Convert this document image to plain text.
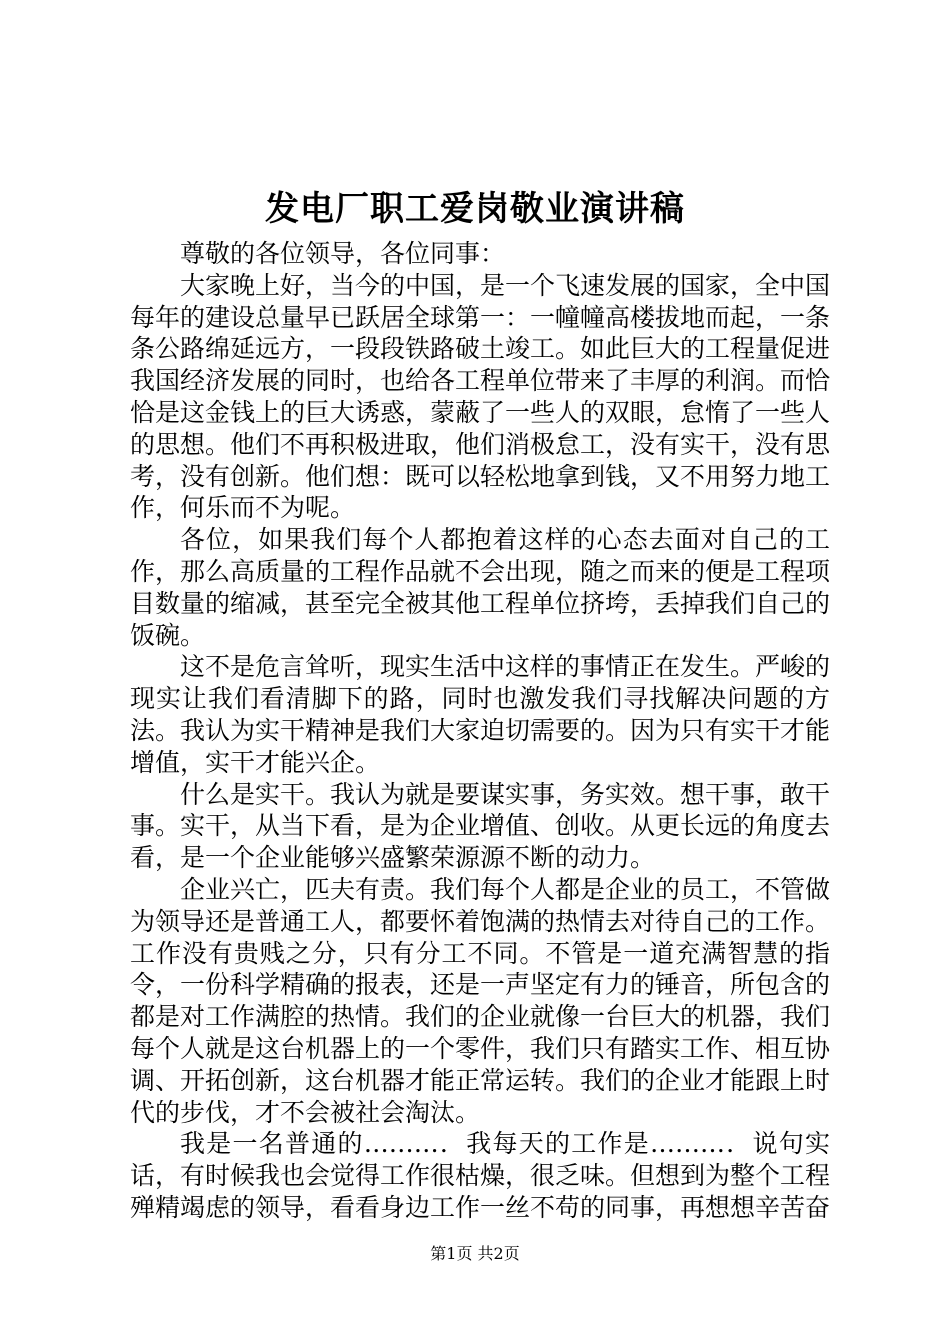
发电厂职工爱岗敬业演讲稿

尊敬的各位领导，各位同事：

大家晚上好，当今的中国，是一个飞速发展的国家，全中国每年的建设总量早已跃居全球第一：一幢幢高楼拔地而起，一条条公路绵延远方，一段段铁路破土竣工。如此巨大的工程量促进我国经济发展的同时，也给各工程单位带来了丰厚的利润。而恰恰是这金钱上的巨大诱惑，蒙蔽了一些人的双眼，怠惰了一些人的思想。他们不再积极进取，他们消极怠工，没有实干，没有思考，没有创新。他们想：既可以轻松地拿到钱，又不用努力地工作，何乐而不为呢。

各位，如果我们每个人都抱着这样的心态去面对自己的工作，那么高质量的工程作品就不会出现，随之而来的便是工程项目数量的缩减，甚至完全被其他工程单位挤垮，丢掉我们自己的饭碗。

这不是危言耸听，现实生活中这样的事情正在发生。严峻的现实让我们看清脚下的路，同时也激发我们寻找解决问题的方法。我认为实干精神是我们大家迫切需要的。因为只有实干才能增值，实干才能兴企。

什么是实干。我认为就是要谋实事，务实效。想干事，敢干事。实干，从当下看，是为企业增值、创收。从更长远的角度去看，是一个企业能够兴盛繁荣源源不断的动力。

企业兴亡，匹夫有责。我们每个人都是企业的员工，不管做为领导还是普通工人，都要怀着饱满的热情去对待自己的工作。工作没有贵贱之分，只有分工不同。不管是一道充满智慧的指令，一份科学精确的报表，还是一声坚定有力的锤音，所包含的都是对工作满腔的热情。我们的企业就像一台巨大的机器，我们每个人就是这台机器上的一个零件，我们只有踏实工作、相互协调、开拓创新，这台机器才能正常运转。我们的企业才能跟上时代的步伐，才不会被社会淘汰。

我是一名普通的………．我每天的工作是………．说句实话，有时候我也会觉得工作很枯燥，很乏味。但想到为整个工程殚精竭虑的领导，看看身边工作一丝不苟的同事，再想想辛苦奋

第1页 共2页
